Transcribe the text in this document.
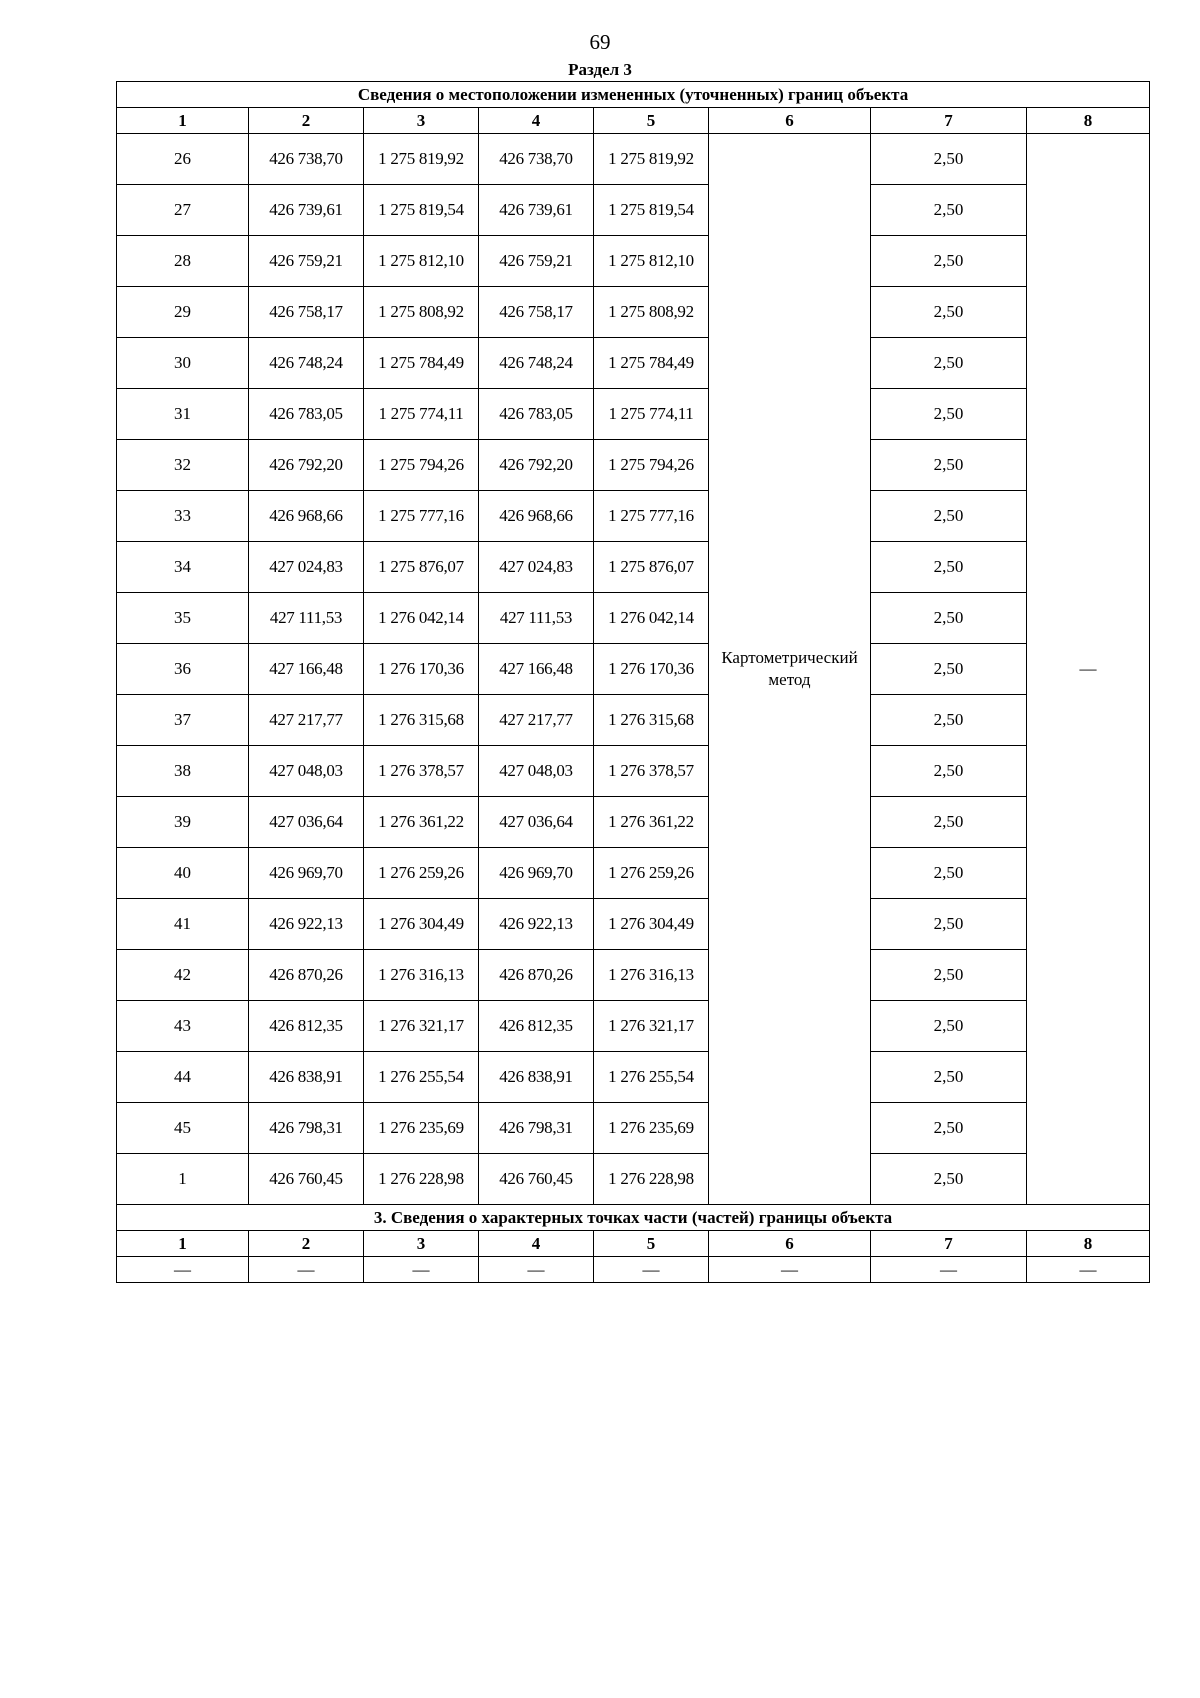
69
Раздел 3
Сведения о местоположении измененных (уточненных) границ объекта							
1	2	3	4	5	6	7	8
26	426 738,70	1 275 819,92	426 738,70	1 275 819,92	Картометрический метод	2,50	—
27	426 739,61	1 275 819,54	426 739,61	1 275 819,54		2,50	
28	426 759,21	1 275 812,10	426 759,21	1 275 812,10		2,50	
29	426 758,17	1 275 808,92	426 758,17	1 275 808,92		2,50	
30	426 748,24	1 275 784,49	426 748,24	1 275 784,49		2,50	
31	426 783,05	1 275 774,11	426 783,05	1 275 774,11		2,50	
32	426 792,20	1 275 794,26	426 792,20	1 275 794,26		2,50	
33	426 968,66	1 275 777,16	426 968,66	1 275 777,16		2,50	
34	427 024,83	1 275 876,07	427 024,83	1 275 876,07		2,50	
35	427 111,53	1 276 042,14	427 111,53	1 276 042,14		2,50	
36	427 166,48	1 276 170,36	427 166,48	1 276 170,36		2,50	
37	427 217,77	1 276 315,68	427 217,77	1 276 315,68		2,50	
38	427 048,03	1 276 378,57	427 048,03	1 276 378,57		2,50	
39	427 036,64	1 276 361,22	427 036,64	1 276 361,22		2,50	
40	426 969,70	1 276 259,26	426 969,70	1 276 259,26		2,50	
41	426 922,13	1 276 304,49	426 922,13	1 276 304,49		2,50	
42	426 870,26	1 276 316,13	426 870,26	1 276 316,13		2,50	
43	426 812,35	1 276 321,17	426 812,35	1 276 321,17		2,50	
44	426 838,91	1 276 255,54	426 838,91	1 276 255,54		2,50	
45	426 798,31	1 276 235,69	426 798,31	1 276 235,69		2,50	
1	426 760,45	1 276 228,98	426 760,45	1 276 228,98		2,50	
3. Сведения о характерных точках части (частей) границы объекта							
1	2	3	4	5	6	7	8
—	—	—	—	—	—	—	—
